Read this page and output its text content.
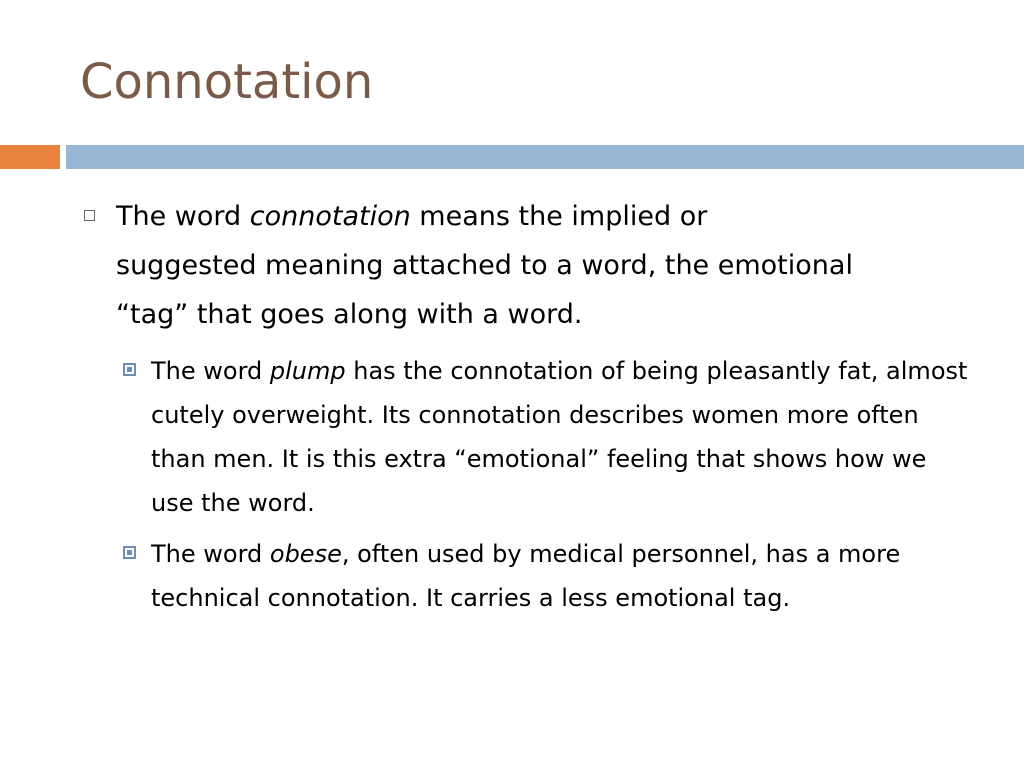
Connotation
The word connotation means the implied or suggested meaning attached to a word, the emotional “tag” that goes along with a word.
The word plump has the connotation of being pleasantly fat, almost cutely overweight. Its connotation describes women more often than men. It is this extra “emotional” feeling that shows how we use the word.
The word obese, often used by medical personnel, has a more technical connotation. It carries a less emotional tag.
